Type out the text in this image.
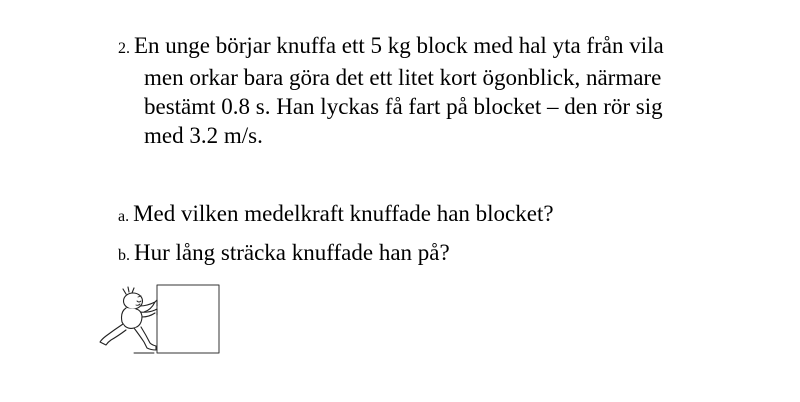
2. En unge börjar knuffa ett 5 kg block med hal yta från vila
men orkar bara göra det ett litet kort ögonblick, närmare
bestämt 0.8 s. Han lyckas få fart på blocket – den rör sig
med 3.2 m/s.
a. Med vilken medelkraft knuffade han blocket?
b. Hur lång sträcka knuffade han på?
